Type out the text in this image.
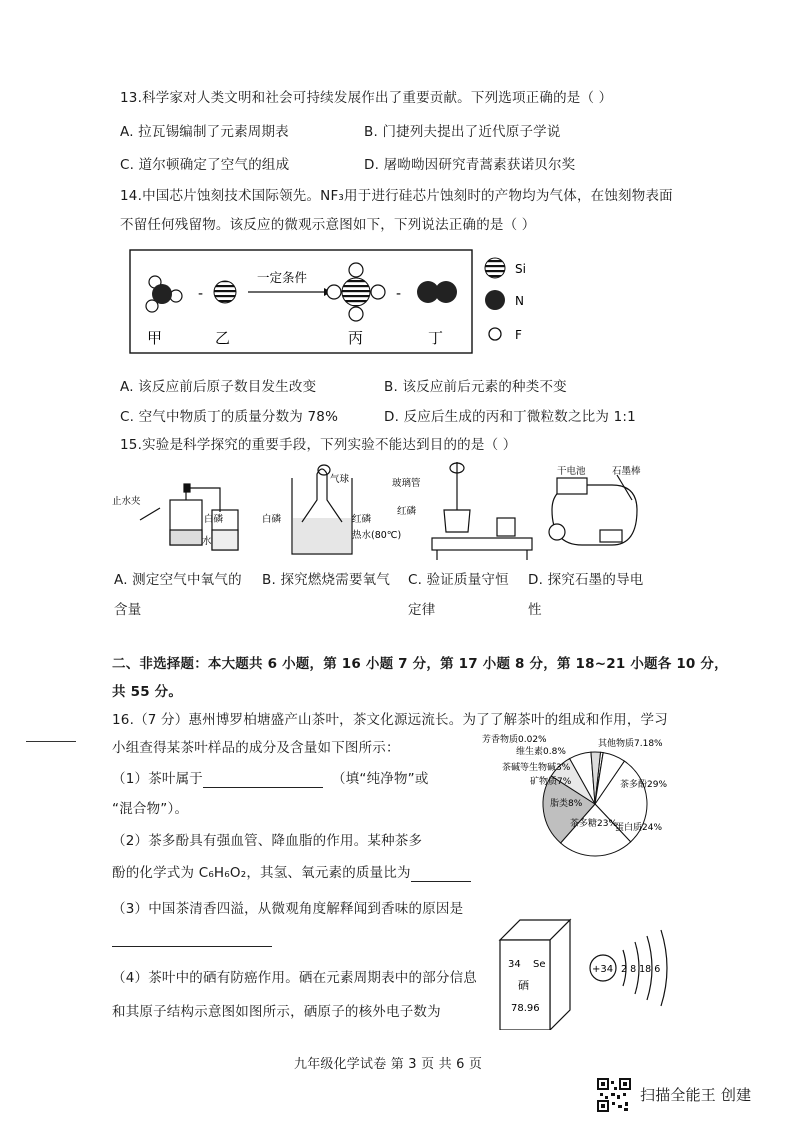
13.科学家对人类文明和社会可持续发展作出了重要贡献。下列选项正确的是（ ）
A. 拉瓦锡编制了元素周期表	B. 门捷列夫提出了近代原子学说
C. 道尔顿确定了空气的组成	D. 屠呦呦因研究青蒿素获诺贝尔奖
14.中国芯片蚀刻技术国际领先。NF₃用于进行硅芯片蚀刻时的产物均为气体，在蚀刻物表面
不留任何残留物。该反应的微观示意图如下，下列说法正确的是（ ）
-
一定条件
-
甲	乙	丙	丁
Si
N
F
A. 该反应前后原子数目发生改变	B. 该反应前后元素的种类不变
C. 空气中物质丁的质量分数为 78%	D. 反应后生成的丙和丁微粒数之比为 1:1
15.实验是科学探究的重要手段，下列实验不能达到目的的是（ ）
止水夹
白磷
水
气球
白磷	红磷
热水(80℃)
玻璃管
红磷
干电池	石墨棒
A. 测定空气中氧气的
含量
B. 探究燃烧需要氧气 C. 验证质量守恒
定律
D. 探究石墨的导电
性
二、非选择题：本大题共 6 小题，第 16 小题 7 分，第 17 小题 8 分，第 18~21 小题各 10 分，
共 55 分。
16.（7 分）惠州博罗柏塘盛产山茶叶，茶文化源远流长。为了了解茶叶的组成和作用，学习
小组查得某茶叶样品的成分及含量如下图所示：
（1）茶叶属于	（填“纯净物”或
“混合物”）。
（2）茶多酚具有强血管、降血脂的作用。某种茶多
酚的化学式为 C₆H₆O₂，其氢、氧元素的质量比为
（3）中国茶清香四溢，从微观角度解释闻到香味的原因是

（4）茶叶中的硒有防癌作用。硒在元素周期表中的部分信息
和其原子结构示意图如图所示，硒原子的核外电子数为
茶多酚29%
蛋白质24%
茶多糖23%
脂类8%
矿物质7%
茶碱等生物碱3%
维生素0.8%
芳香物质0.02%	其他物质7.18%
34 Se
硒
78.96
+34 2 8 18 6
九年级化学试卷 第 3 页 共 6 页
扫描全能王 创建
